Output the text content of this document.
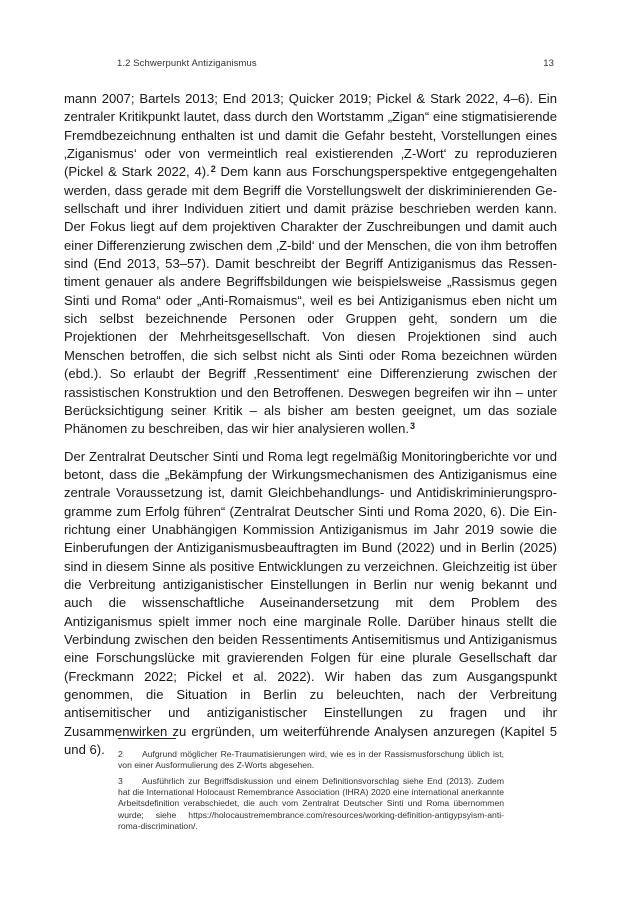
1.2 Schwerpunkt Antiziganismus	13

mann 2007; Bartels 2013; End 2013; Quicker 2019; Pickel & Stark 2022, 4–6). Ein zentraler Kritikpunkt lautet, dass durch den Wortstamm „Zigan“ eine stigmatisierende Fremdbezeichnung enthalten ist und damit die Gefahr besteht, Vorstellungen eines ‚Ziganismus‘ oder von vermeintlich real existierenden ‚Z-Wort‘ zu reproduzieren (Pickel & Stark 2022, 4).$^2$ Dem kann aus Forschungsperspektive entgegengehalten werden, dass gerade mit dem Begriff die Vorstellungswelt der diskriminierenden Gesellschaft und ihrer Individuen zitiert und damit präzise beschrieben werden kann. Der Fokus liegt auf dem projektiven Charakter der Zuschreibungen und damit auch einer Differenzierung zwischen dem ‚Z-bild‘ und der Menschen, die von ihm betroffen sind (End 2013, 53–57). Damit beschreibt der Begriff Antiziganismus das Ressentiment genauer als andere Begriffsbildungen wie beispielsweise „Rassismus gegen Sinti und Roma“ oder „Anti-Romaismus“, weil es bei Antiziganismus eben nicht um sich selbst bezeichnende Personen oder Gruppen geht, sondern um die Projektionen der Mehrheitsgesellschaft. Von diesen Projektionen sind auch Menschen betroffen, die sich selbst nicht als Sinti oder Roma bezeichnen würden (ebd.). So erlaubt der Begriff ‚Ressentiment‘ eine Differenzierung zwischen der rassistischen Konstruktion und den Betroffenen. Deswegen begreifen wir ihn – unter Berücksichtigung seiner Kritik – als bisher am besten geeignet, um das soziale Phänomen zu beschreiben, das wir hier analysieren wollen.$^3$

Der Zentralrat Deutscher Sinti und Roma legt regelmäßig Monitoringberichte vor und betont, dass die „Bekämpfung der Wirkungsmechanismen des Antiziganismus eine zentrale Voraussetzung ist, damit Gleichbehandlungs- und Antidiskriminierungsprogramme zum Erfolg führen“ (Zentralrat Deutscher Sinti und Roma 2020, 6). Die Einrichtung einer Unabhängigen Kommission Antiziganismus im Jahr 2019 sowie die Einberufungen der Antiziganismusbeauftragten im Bund (2022) und in Berlin (2025) sind in diesem Sinne als positive Entwicklungen zu verzeichnen. Gleichzeitig ist über die Verbreitung antiziganistischer Einstellungen in Berlin nur wenig bekannt und auch die wissenschaftliche Auseinandersetzung mit dem Problem des Antiziganismus spielt immer noch eine marginale Rolle. Darüber hinaus stellt die Verbindung zwischen den beiden Ressentiments Antisemitismus und Antiziganismus eine Forschungslücke mit gravierenden Folgen für eine plurale Gesellschaft dar (Freckmann 2022; Pickel et al. 2022). Wir haben das zum Ausgangspunkt genommen, die Situation in Berlin zu beleuchten, nach der Verbreitung antisemitischer und antiziganistischer Einstellungen zu fragen und ihr Zusammenwirken zu ergründen, um weiterführende Analysen anzuregen (Kapitel 5 und 6).	2 Aufgrund möglicher Re-Traumatisierungen wird, wie es in der Rassismusforschung üblich ist, von einer Ausformulierung des Z-Worts abgesehen.
3 Ausführlich zur Begriffsdiskussion und einem Definitionsvorschlag siehe End (2013). Zudem hat die International Holocaust Remembrance Association (IHRA) 2020 eine international anerkannte Arbeitsdefinition verabschiedet, die auch vom Zentralrat Deutscher Sinti und Roma übernommen wurde; siehe https://holocaustremembrance.com/resources/working-definition-antigypsyism-anti-roma-discrimination/.
